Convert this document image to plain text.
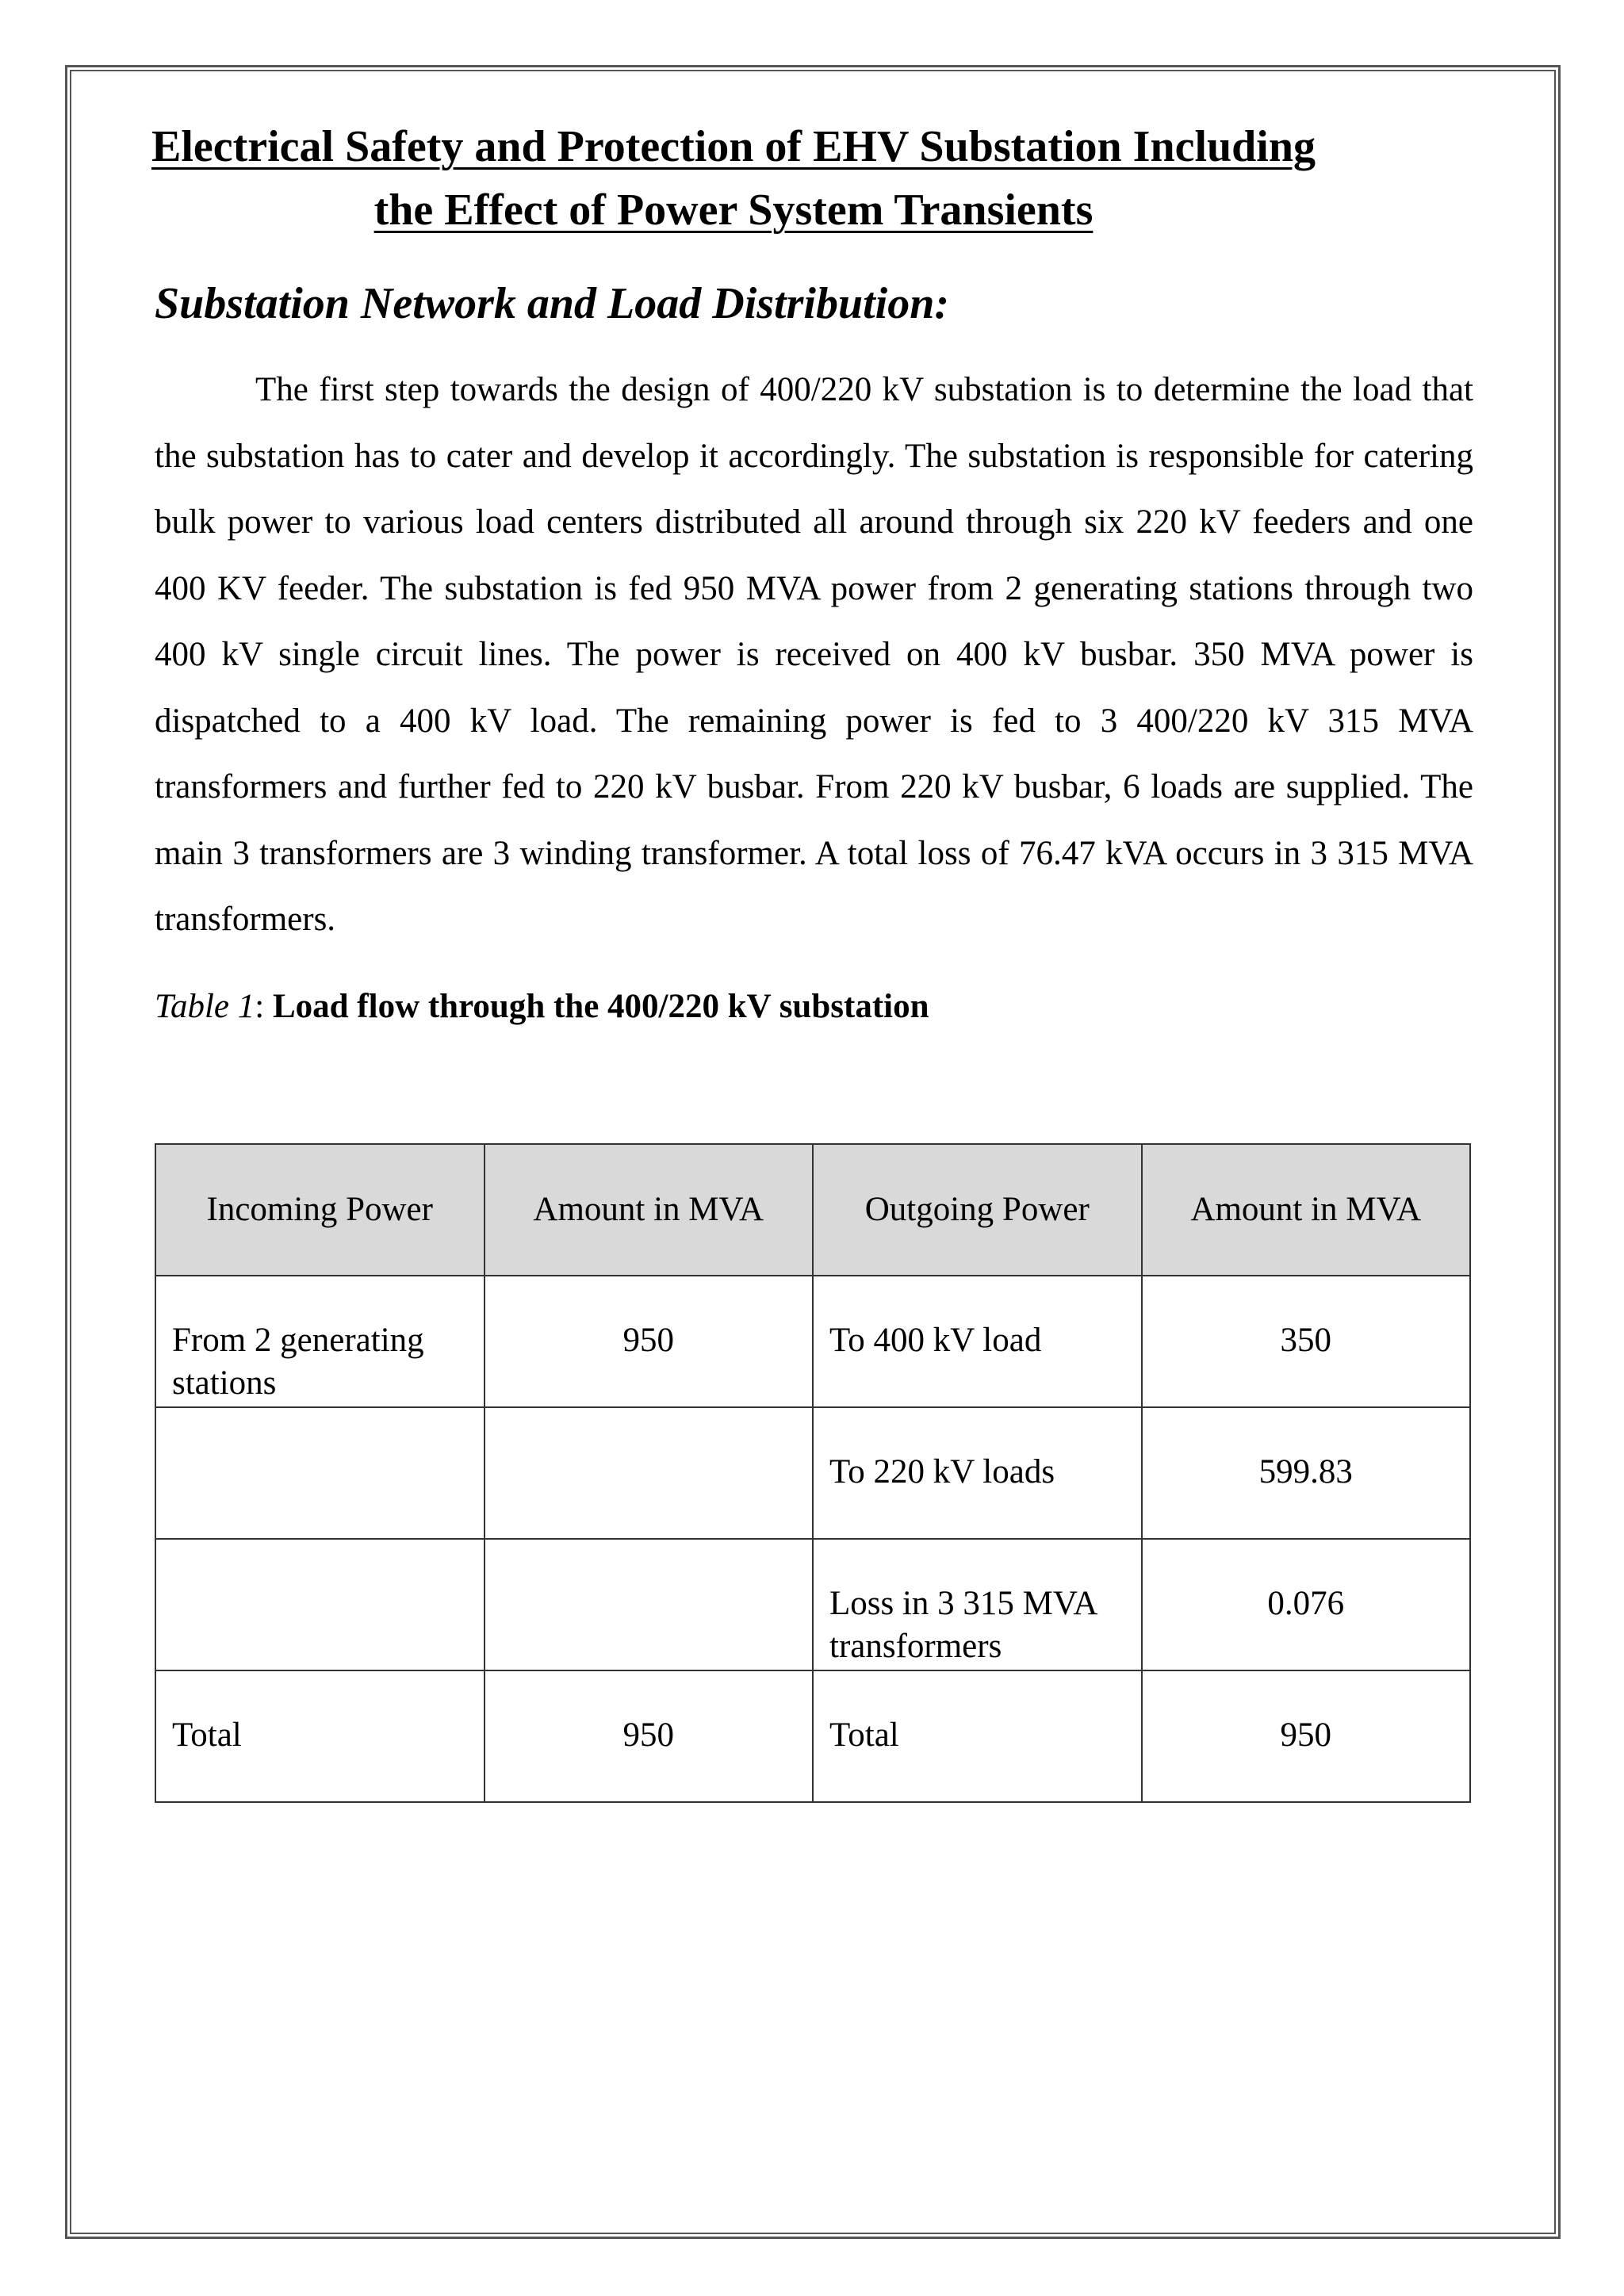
Electrical Safety and Protection of EHV Substation Including
the Effect of Power System Transients
Substation Network and Load Distribution:

The first step towards the design of 400/220 kV substation is to determine the load that the substation has to cater and develop it accordingly. The substation is responsible for catering bulk power to various load centers distributed all around through six 220 kV feeders and one 400 KV feeder. The substation is fed 950 MVA power from 2 generating stations through two 400 kV single circuit lines. The power is received on 400 kV busbar. 350 MVA power is dispatched to a 400 kV load. The remaining power is fed to 3 400/220 kV 315 MVA transformers and further fed to 220 kV busbar. From 220 kV busbar, 6 loads are supplied. The main 3 transformers are 3 winding transformer. A total loss of 76.47 kVA occurs in 3 315 MVA transformers.

Table 1: Load flow through the 400/220 kV substation

Incoming Power	Amount in MVA	Outgoing Power	Amount in MVA
From 2 generating stations	950	To 400 kV load	350
		To 220 kV loads	599.83
		Loss in 3 315 MVA transformers	0.076
Total	950	Total	950
